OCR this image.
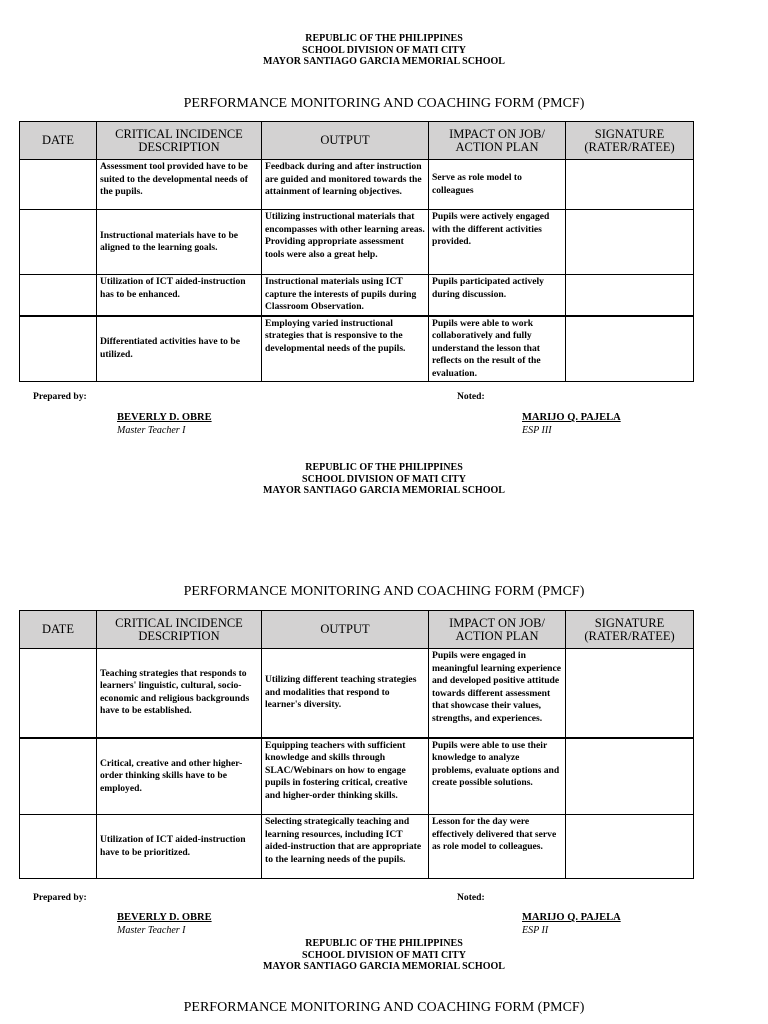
REPUBLIC OF THE PHILIPPINES
SCHOOL DIVISION OF MATI CITY
MAYOR SANTIAGO GARCIA MEMORIAL SCHOOL
PERFORMANCE MONITORING AND COACHING FORM (PMCF)
DATE	CRITICAL INCIDENCE
DESCRIPTION	OUTPUT	IMPACT ON JOB/
ACTION PLAN	SIGNATURE
(RATER/RATEE)
	Assessment tool provided have to be suited to the developmental needs of the pupils.	Feedback during and after instruction are guided and monitored towards the attainment of learning objectives.	Serve as role model to colleagues	
	Instructional materials have to be aligned to the learning goals.	Utilizing instructional materials that encompasses with other learning areas. Providing appropriate assessment tools were also a great help.	Pupils were actively engaged with the different activities provided.	
	Utilization of ICT aided-instruction has to be enhanced.	Instructional materials using ICT capture the interests of pupils during Classroom Observation.	Pupils participated actively during discussion.	
	Differentiated activities have to be utilized.	Employing varied instructional strategies that is responsive to the developmental needs of the pupils.	Pupils were able to work collaboratively and fully understand the lesson that reflects on the result of the evaluation.	
Prepared by:	Noted:
BEVERLY D. OBRE
Master Teacher I
MARIJO Q. PAJELA
ESP III
REPUBLIC OF THE PHILIPPINES
SCHOOL DIVISION OF MATI CITY
MAYOR SANTIAGO GARCIA MEMORIAL SCHOOL
PERFORMANCE MONITORING AND COACHING FORM (PMCF)
DATE	CRITICAL INCIDENCE
DESCRIPTION	OUTPUT	IMPACT ON JOB/
ACTION PLAN	SIGNATURE
(RATER/RATEE)
	Teaching strategies that responds to learners' linguistic, cultural, socio-economic and religious backgrounds have to be established.	Utilizing different teaching strategies and modalities that respond to learner's diversity.	Pupils were engaged in meaningful learning experience and developed positive attitude towards different assessment that showcase their values, strengths, and experiences.	
	Critical, creative and other higher-order thinking skills have to be employed.	Equipping teachers with sufficient knowledge and skills through SLAC/Webinars on how to engage pupils in fostering critical, creative and higher-order thinking skills.	Pupils were able to use their knowledge to analyze problems, evaluate options and create possible solutions.	
	Utilization of ICT aided-instruction have to be prioritized.	Selecting strategically teaching and learning resources, including ICT aided-instruction that are appropriate to the learning needs of the pupils.	Lesson for the day were effectively delivered that serve as role model to colleagues.	
Prepared by:	Noted:
BEVERLY D. OBRE
Master Teacher I
MARIJO Q. PAJELA
ESP II
REPUBLIC OF THE PHILIPPINES
SCHOOL DIVISION OF MATI CITY
MAYOR SANTIAGO GARCIA MEMORIAL SCHOOL
PERFORMANCE MONITORING AND COACHING FORM (PMCF)
